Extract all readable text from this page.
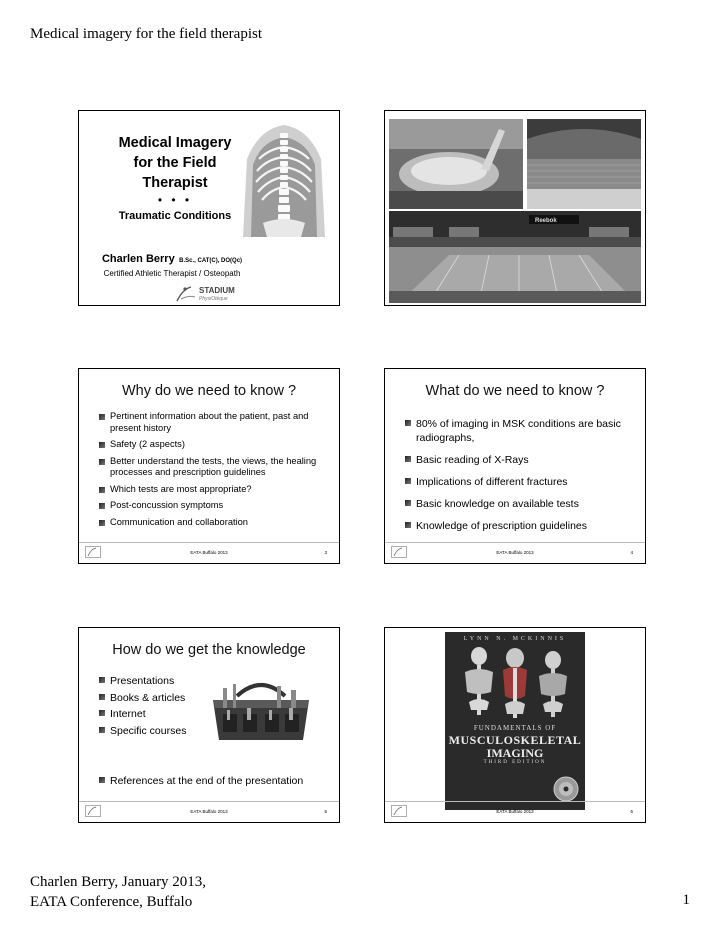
Medical imagery for the field therapist
Medical Imagery
for the Field
Therapist
• • •
Traumatic Conditions
Charlen Berry B.Sc., CAT(C), DO(Qc)
Certified Athletic Therapist / Osteopath
STADIUM
PhysiOtèque
Reebok
Why do we need to know ?
Pertinent information about the patient, past and present history
Safety (2 aspects)
Better understand the tests, the views, the healing processes and prescription guidelines
Which tests are most appropriate?
Post-concussion symptoms
Communication and collaboration
EATA Buffalo 2013	3
What do we need to know ?
80% of imaging in MSK conditions are basic radiographs,
Basic reading of X-Rays
Implications of different fractures
Basic knowledge on available tests
Knowledge of prescription guidelines
EATA Buffalo 2013	4
How do we get the knowledge
Presentations
Books & articles
Internet
Specific courses
References at the end of the presentation
EATA Buffalo 2013	5
LYNN N. MCKINNIS
FUNDAMENTALS OF
MUSCULOSKELETAL
IMAGING
THIRD EDITION
EATA Buffalo 2013	6
Charlen Berry, January 2013,
EATA Conference, Buffalo	1
